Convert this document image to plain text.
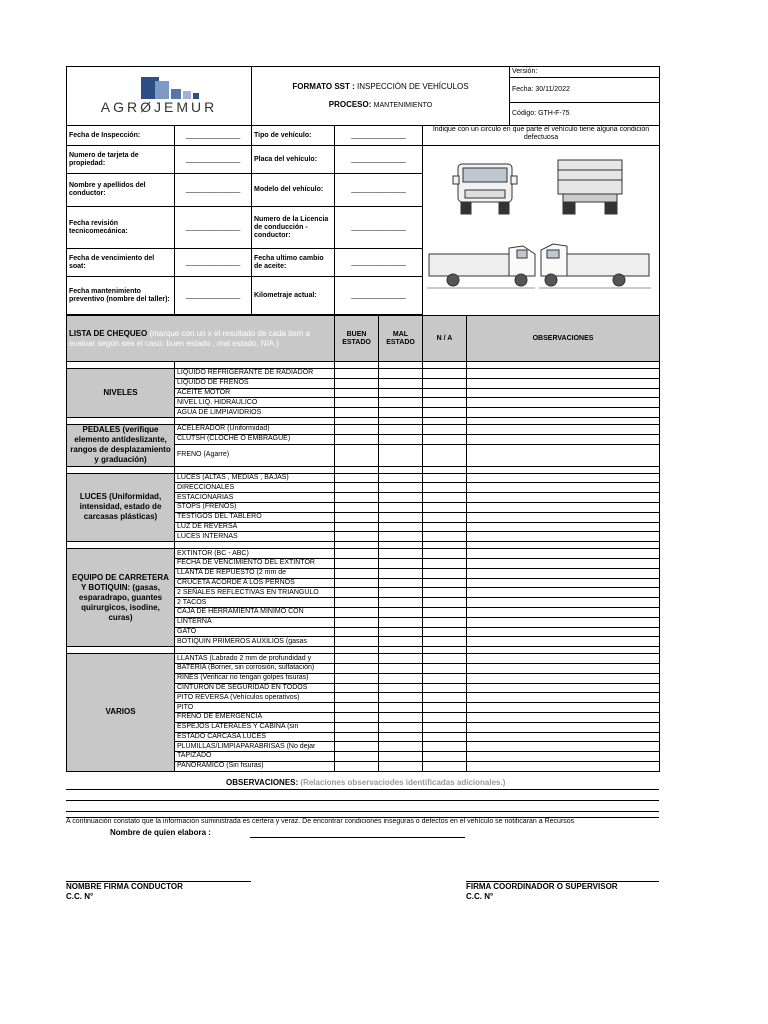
AGRØJEMUR

FORMATO SST : INSPECCIÓN DE VEHÍCULOS
PROCESO: MANTENIMIENTO
	Versión:
Fecha: 30/11/2022
Código: GTH-F-75
Fecha de Inspección:	______________	Tipo de vehículo:	______________	Indique con un circulo en que parte el vehículo tiene alguna condición defectuosa
Numero de tarjeta de propiedad:	______________	Placa del vehículo:	______________	
Nombre y apellidos del conductor:	______________	Modelo del vehículo:	______________	
Fecha revisión tecnicomecánica:	______________	Numero de la Licencia de conducción - conductor:	______________	
Fecha de vencimiento del soat:	______________	Fecha ultimo cambio de aceite:	______________	
Fecha mantenimiento preventivo (nombre del taller):	______________	Kilometraje actual:	______________	

LISTA DE CHEQUEO (marque con un x el resultado de cada item a evaluar según sea el caso: buen estado , mal estado, N/A.)		BUEN ESTADO	MAL ESTADO	N / A	OBSERVACIONES

NIVELES	LIQUIDO REFRIGERANTE DE RADIADOR				
	LIQUIDO DE FRENOS				
	ACEITE MOTOR				
	NIVEL LIQ. HIDRAULICO				
	AGUA DE LIMPIAVIDRIOS				

PEDALES (verifique elemento antideslizante, rangos de desplazamiento y graduación)	ACELERADOR (Uniformidad)				
	CLUTSH (CLOCHE O EMBRAGUE)				
	FRENO (Agarre)				

LUCES (Uniformidad, intensidad, estado de carcasas plásticas)	LUCES (ALTAS , MEDIAS , BAJAS)				
	DIRECCIONALES				
	ESTACIONARIAS				
	STOPS (FRENOS)				
	TESTIGOS DEL TABLERO				
	LUZ DE REVERSA				
	LUCES INTERNAS				

EQUIPO DE CARRETERA Y BOTIQUIN: (gasas, esparadrapo, guantes quirurgicos, isodine, curas)	EXTINTOR (BC - ABC)				
	FECHA DE VENCIMIENTO DEL EXTINTOR				
	LLANTA DE REPUESTO (2 mm de				
	CRUCETA ACORDE A LOS PERNOS				
	2 SEÑALES REFLECTIVAS EN TRIANGULO				
	2 TACOS				
	CAJA DE HERRAMIENTA MINIMO CON				
	LINTERNA				
	GATO				
	BOTIQUIN PRIMEROS AUXILIOS (gasas				

VARIOS	LLANTAS (Labrado 2 mm de profundidad y				
	BATERIA (Borner, sin corrosión, sulfatación)				
	RINES (Verificar no tengan golpes fisuras)				
	CINTURON DE SEGURIDAD EN TODOS				
	PITO REVERSA (Vehículos operativos)				
	PITO				
	FRENO DE EMERGENCIA				
	ESPEJOS LATERALES Y CABINA (sin				
	ESTADO CARCASA LUCES				
	PLUMILLAS/LIMPIAPARABRISAS (No dejar				
	TAPIZADO				
	PANORAMICO (Sin fisuras)				
OBSERVACIONES: (Relaciones observaciodes identificadas adicionales.)
A continuación constato que la información suministrada es certera y veraz. De encontrar condiciones inseguras o defectos en el vehículo se notificaran a Recursos
Nombre de quien elabora :
NOMBRE FIRMA CONDUCTOR
C.C. N°
FIRMA COORDINADOR O SUPERVISOR
C.C. N°
